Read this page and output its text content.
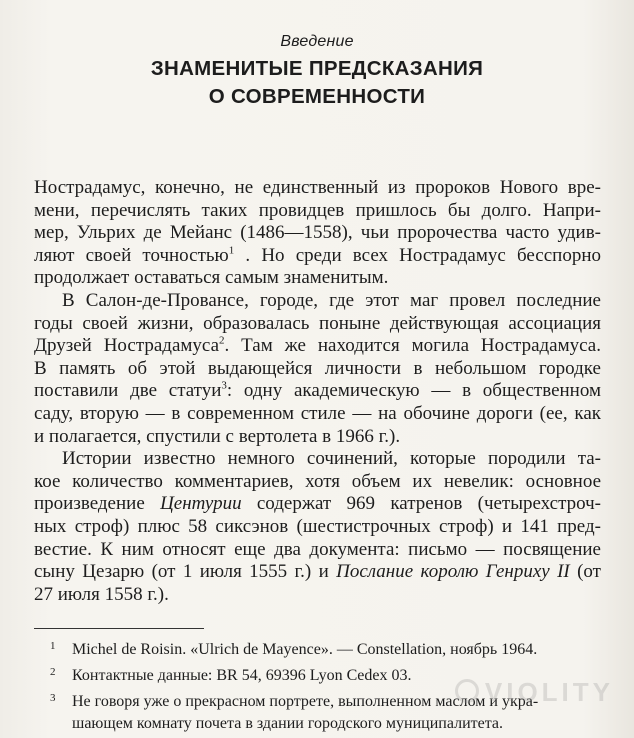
Введение
ЗНАМЕНИТЫЕ ПРЕДСКАЗАНИЯ
О СОВРЕМЕННОСТИ
Нострадамус, конечно, не единственный из пророков Нового вре-
мени, перечислять таких провидцев пришлось бы долго. Напри-
мер, Ульрих де Мейанс (1486—1558), чьи пророчества часто удив-
ляют своей точностью$^1$ . Но среди всех Нострадамус бесспорно
продолжает оставаться самым знаменитым.
В Салон-де-Провансе, городе, где этот маг провел последние
годы своей жизни, образовалась поныне действующая ассоциация
Друзей Нострадамуса$^2$. Там же находится могила Нострадамуса.
В память об этой выдающейся личности в небольшом городке
поставили две статуи$^3$: одну академическую — в общественном
саду, вторую — в современном стиле — на обочине дороги (ее, как
и полагается, спустили с вертолета в 1966 г.).
Истории известно немного сочинений, которые породили та-
кое количество комментариев, хотя объем их невелик: основное
произведение Центурии содержат 969 катренов (четырехстроч-
ных строф) плюс 58 сиксэнов (шестистрочных строф) и 141 пред-
вестие. К ним относят еще два документа: письмо — посвящение
сыну Цезарю (от 1 июля 1555 г.) и Послание королю Генриху II (от
27 июля 1558 г.).
1 Michel de Roisin. «Ulrich de Mayence». — Constellation, ноябрь 1964.
2 Контактные данные: BR 54, 69396 Lyon Cedex 03.
3 Не говоря уже о прекрасном портрете, выполненном маслом и укра-
шающем комнату почета в здании городского муниципалитета.
VIOLITY
